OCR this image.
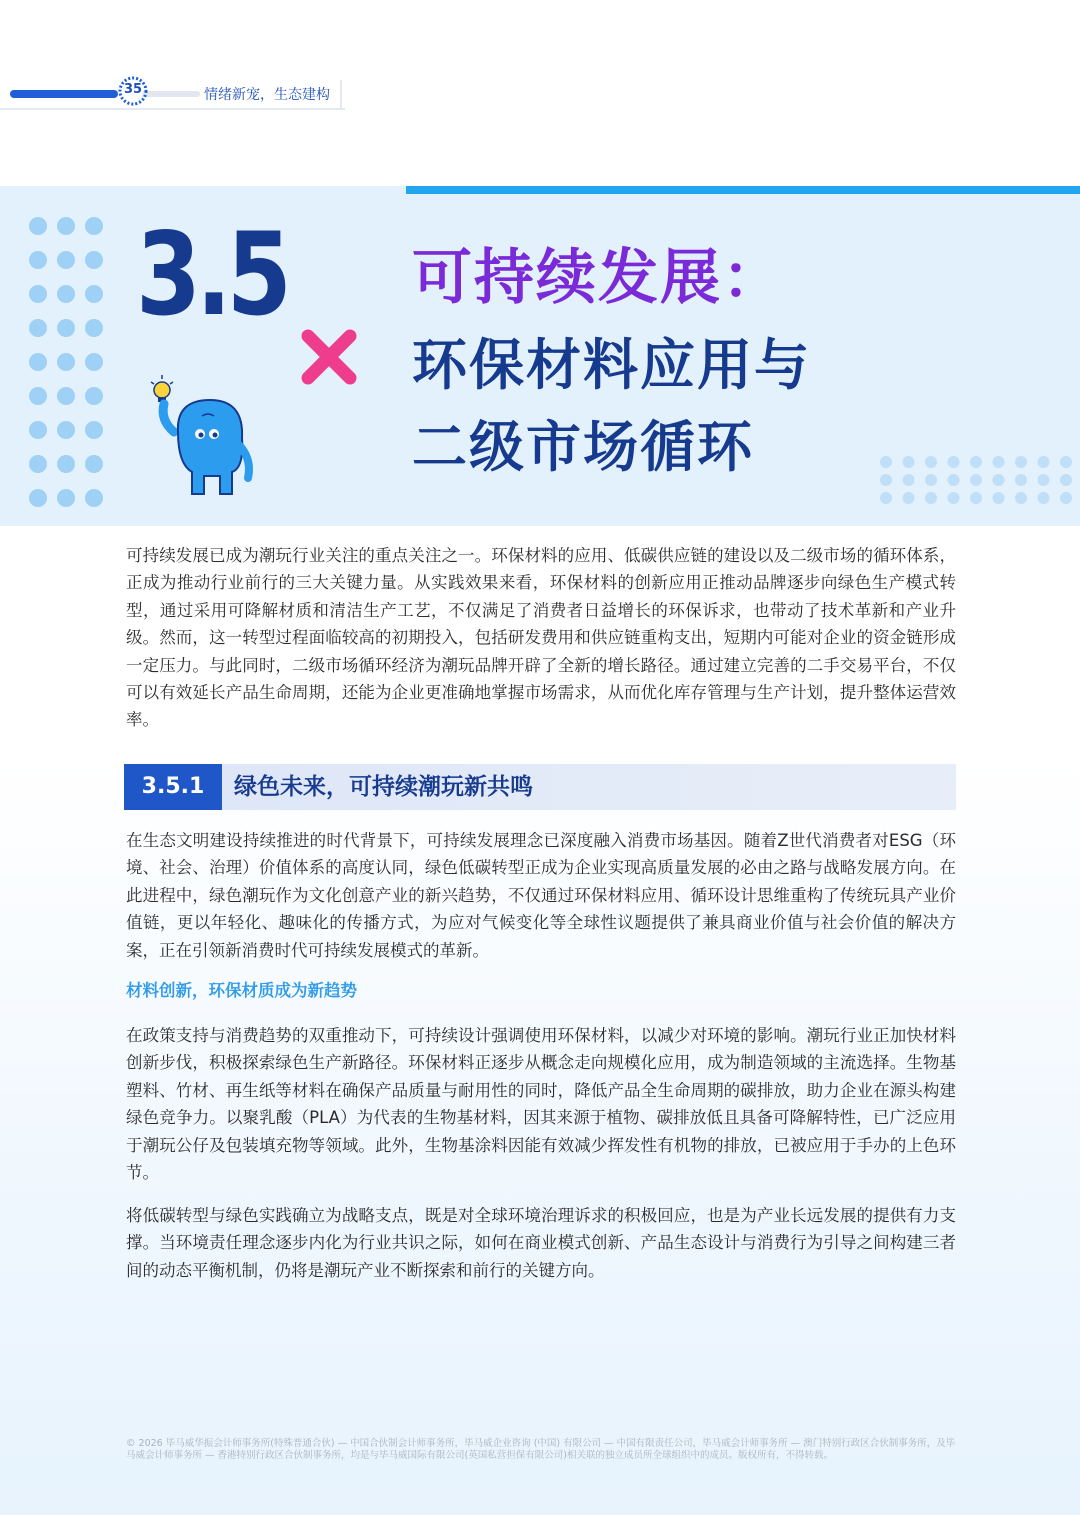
35	情绪新宠，生态建构
3.5 可持续发展：
环保材料应用与
二级市场循环

可持续发展已成为潮玩行业关注的重点关注之一。环保材料的应用、低碳供应链的建设以及二级市场的循环体系，正成为推动行业前行的三大关键力量。从实践效果来看，环保材料的创新应用正推动品牌逐步向绿色生产模式转型，通过采用可降解材质和清洁生产工艺，不仅满足了消费者日益增长的环保诉求，也带动了技术革新和产业升级。然而，这一转型过程面临较高的初期投入，包括研发费用和供应链重构支出，短期内可能对企业的资金链形成一定压力。与此同时，二级市场循环经济为潮玩品牌开辟了全新的增长路径。通过建立完善的二手交易平台，不仅可以有效延长产品生命周期，还能为企业更准确地掌握市场需求，从而优化库存管理与生产计划，提升整体运营效率。

3.5.1	绿色未来，可持续潮玩新共鸣

在生态文明建设持续推进的时代背景下，可持续发展理念已深度融入消费市场基因。随着Z世代消费者对ESG（环境、社会、治理）价值体系的高度认同，绿色低碳转型正成为企业实现高质量发展的必由之路与战略发展方向。在此进程中，绿色潮玩作为文化创意产业的新兴趋势，不仅通过环保材料应用、循环设计思维重构了传统玩具产业价值链，更以年轻化、趣味化的传播方式，为应对气候变化等全球性议题提供了兼具商业价值与社会价值的解决方案，正在引领新消费时代可持续发展模式的革新。

材料创新，环保材质成为新趋势

在政策支持与消费趋势的双重推动下，可持续设计强调使用环保材料，以减少对环境的影响。潮玩行业正加快材料创新步伐，积极探索绿色生产新路径。环保材料正逐步从概念走向规模化应用，成为制造领域的主流选择。生物基塑料、竹材、再生纸等材料在确保产品质量与耐用性的同时，降低产品全生命周期的碳排放，助力企业在源头构建绿色竞争力。以聚乳酸（PLA）为代表的生物基材料，因其来源于植物、碳排放低且具备可降解特性，已广泛应用于潮玩公仔及包装填充物等领域。此外，生物基涂料因能有效减少挥发性有机物的排放，已被应用于手办的上色环节。

将低碳转型与绿色实践确立为战略支点，既是对全球环境治理诉求的积极回应，也是为产业长远发展的提供有力支撑。当环境责任理念逐步内化为行业共识之际，如何在商业模式创新、产品生态设计与消费行为引导之间构建三者间的动态平衡机制，仍将是潮玩产业不断探索和前行的关键方向。

© 2026 毕马威华振会计师事务所(特殊普通合伙) — 中国合伙制会计师事务所，毕马威企业咨询 (中国) 有限公司 — 中国有限责任公司，毕马威会计师事务所 — 澳门特别行政区合伙制事务所，及毕马威会计师事务所 — 香港特别行政区合伙制事务所，均是与毕马威国际有限公司(英国私营担保有限公司)相关联的独立成员所全球组织中的成员。版权所有，不得转载。
